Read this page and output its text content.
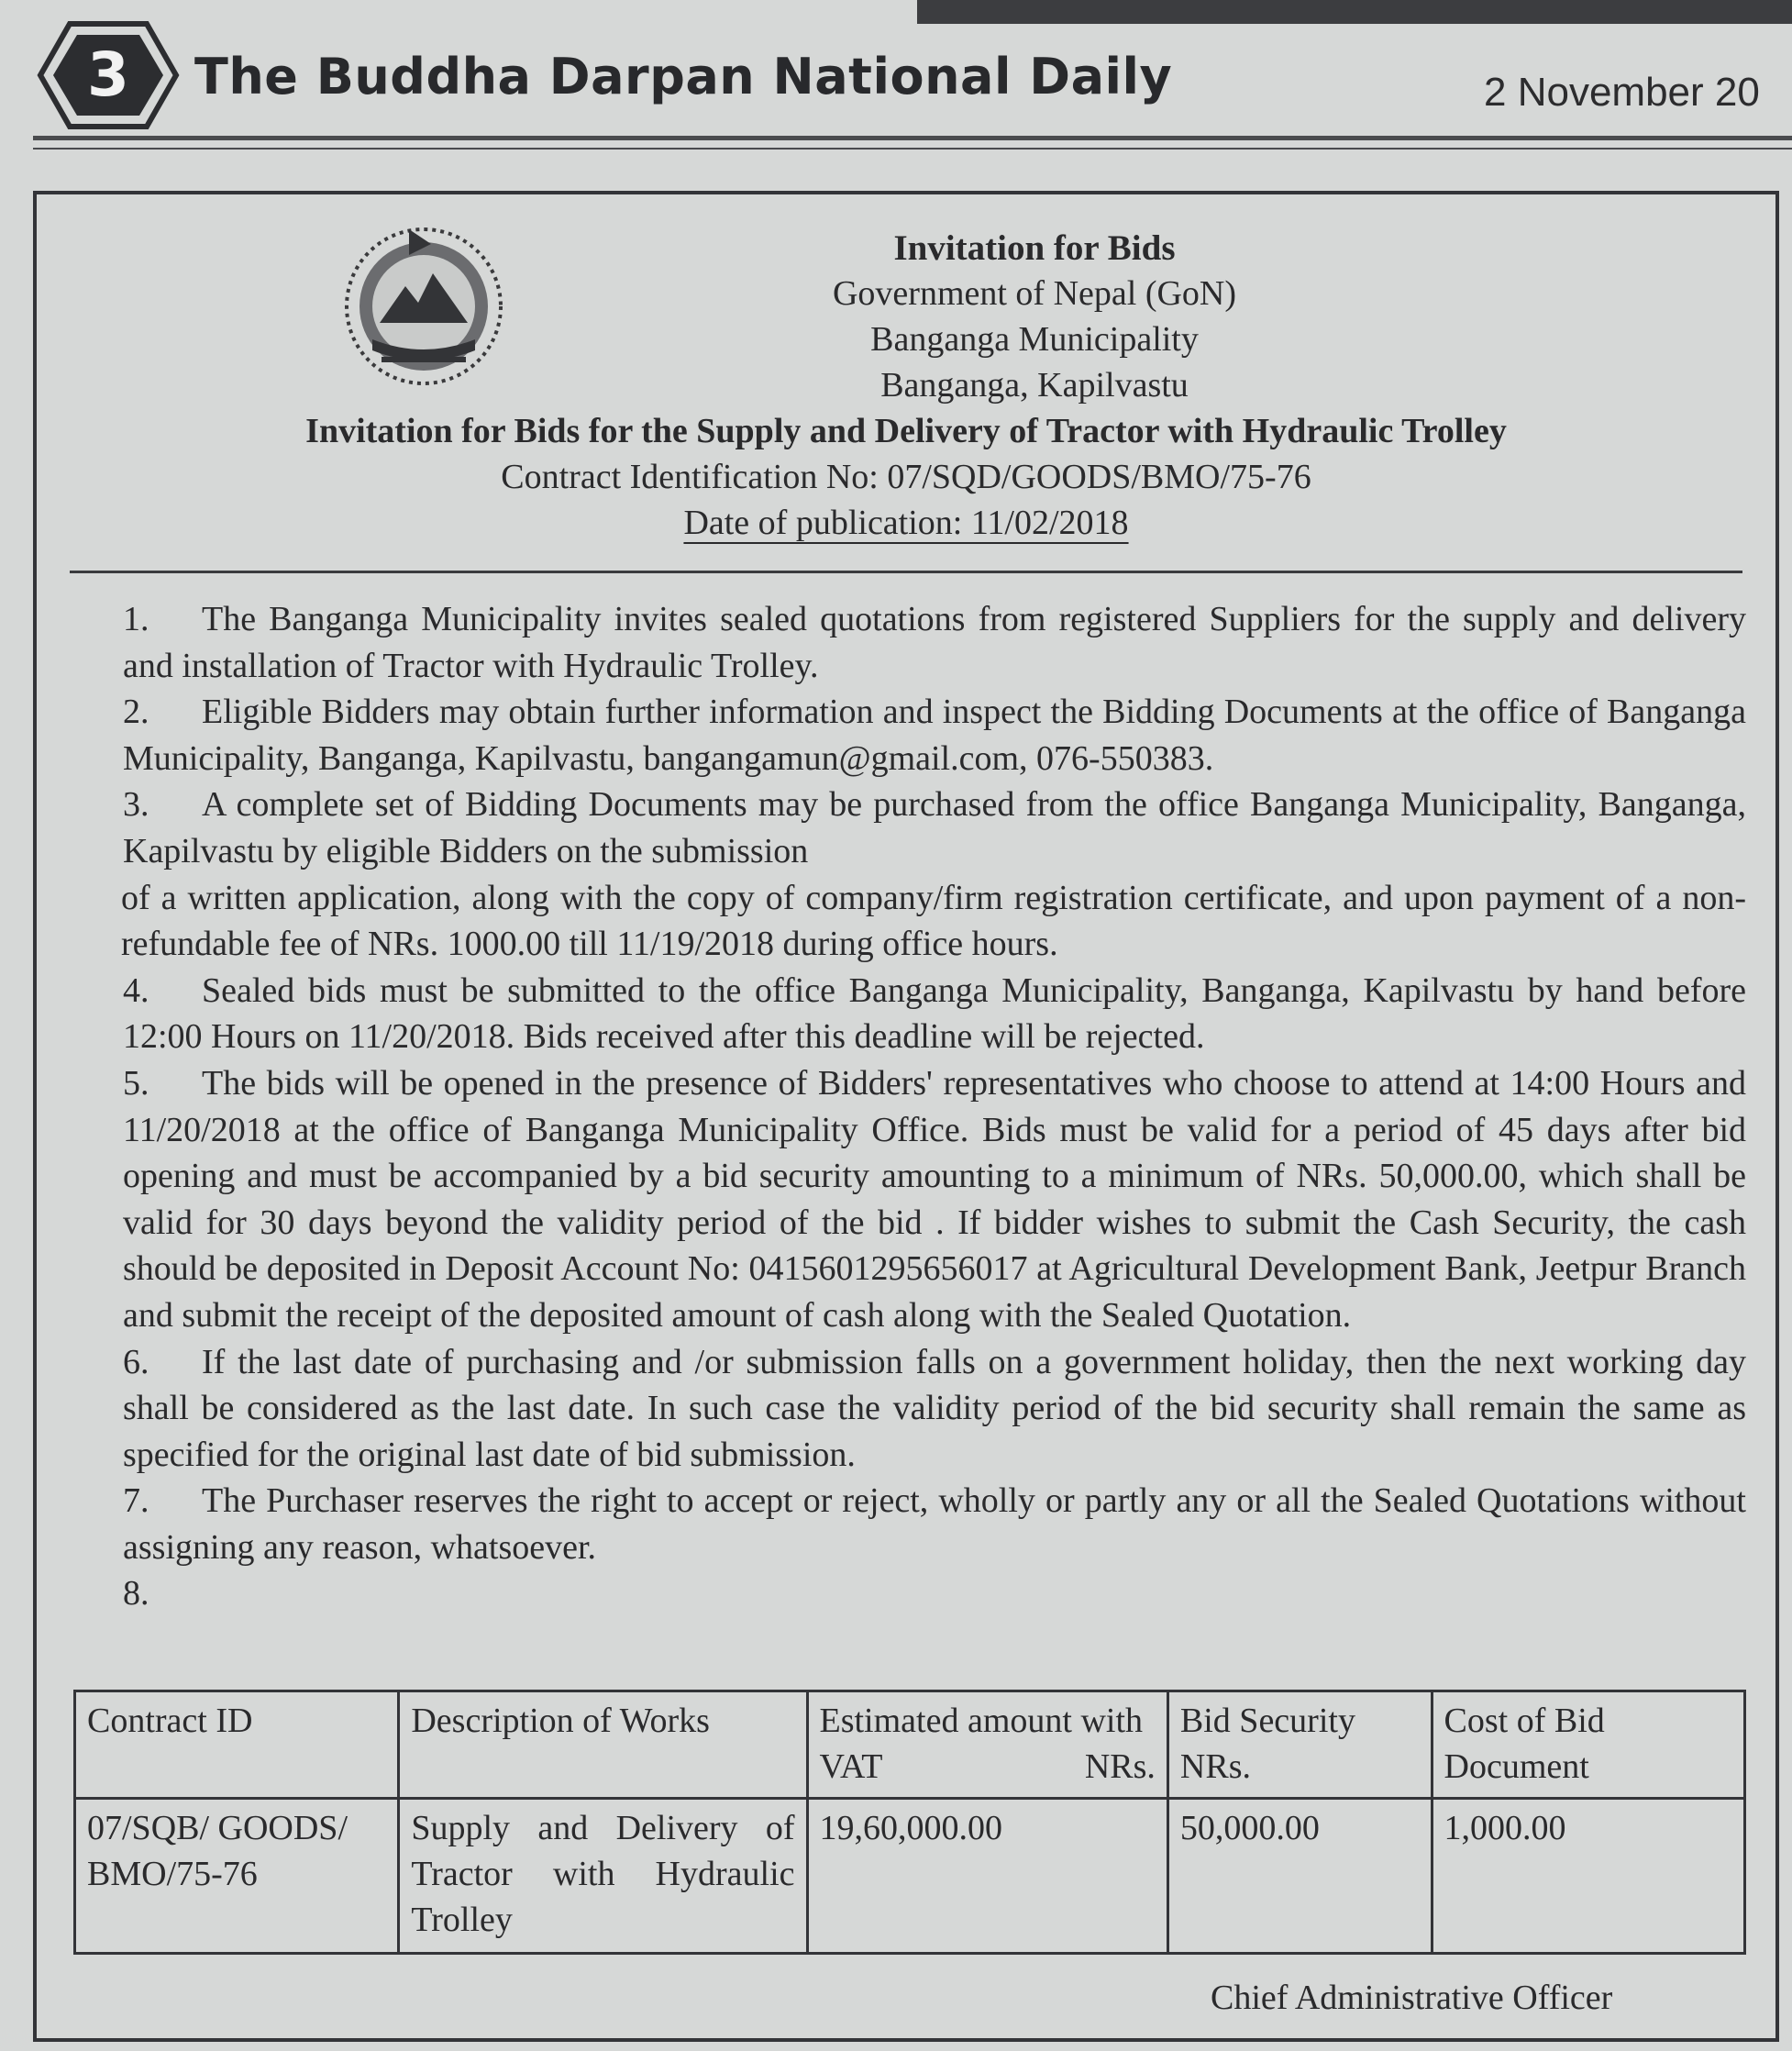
3	The Buddha Darpan National Daily	2 November 20
Invitation for Bids
Government of Nepal (GoN)
Banganga Municipality
Banganga, Kapilvastu
Invitation for Bids for the Supply and Delivery of Tractor with Hydraulic Trolley
Contract Identification No: 07/SQD/GOODS/BMO/75-76
Date of publication: 11/02/2018

1. The Banganga Municipality invites sealed quotations from registered Suppliers for the supply and delivery and installation of Tractor with Hydraulic Trolley.

2. Eligible Bidders may obtain further information and inspect the Bidding Documents at the office of Banganga Municipality, Banganga, Kapilvastu, bangangamun@gmail.com, 076-550383.

3. A complete set of Bidding Documents may be purchased from the office Banganga Municipality, Banganga, Kapilvastu by eligible Bidders on the submission

of a written application, along with the copy of company/firm registration certificate, and upon payment of a non-refundable fee of NRs. 1000.00 till 11/19/2018 during office hours.

4. Sealed bids must be submitted to the office Banganga Municipality, Banganga, Kapilvastu by hand before 12:00 Hours on 11/20/2018. Bids received after this deadline will be rejected.

5. The bids will be opened in the presence of Bidders' representatives who choose to attend at 14:00 Hours and 11/20/2018 at the office of Banganga Municipality Office. Bids must be valid for a period of 45 days after bid opening and must be accompanied by a bid security amounting to a minimum of NRs. 50,000.00, which shall be valid for 30 days beyond the validity period of the bid . If bidder wishes to submit the Cash Security, the cash should be deposited in Deposit Account No: 0415601295656017 at Agricultural Development Bank, Jeetpur Branch and submit the receipt of the deposited amount of cash along with the Sealed Quotation.

6. If the last date of purchasing and /or submission falls on a government holiday, then the next working day shall be considered as the last date. In such case the validity period of the bid security shall remain the same as specified for the original last date of bid submission.

7. The Purchaser reserves the right to accept or reject, wholly or partly any or all the Sealed Quotations without assigning any reason, whatsoever.

8.

Contract ID	Description of Works	Estimated amount with VAT NRs.	Bid Security NRs.	Cost of Bid Document
07/SQB/ GOODS/ BMO/75-76	Supply and Delivery of Tractor with Hydraulic Trolley	19,60,000.00	50,000.00	1,000.00
Chief Administrative Officer
